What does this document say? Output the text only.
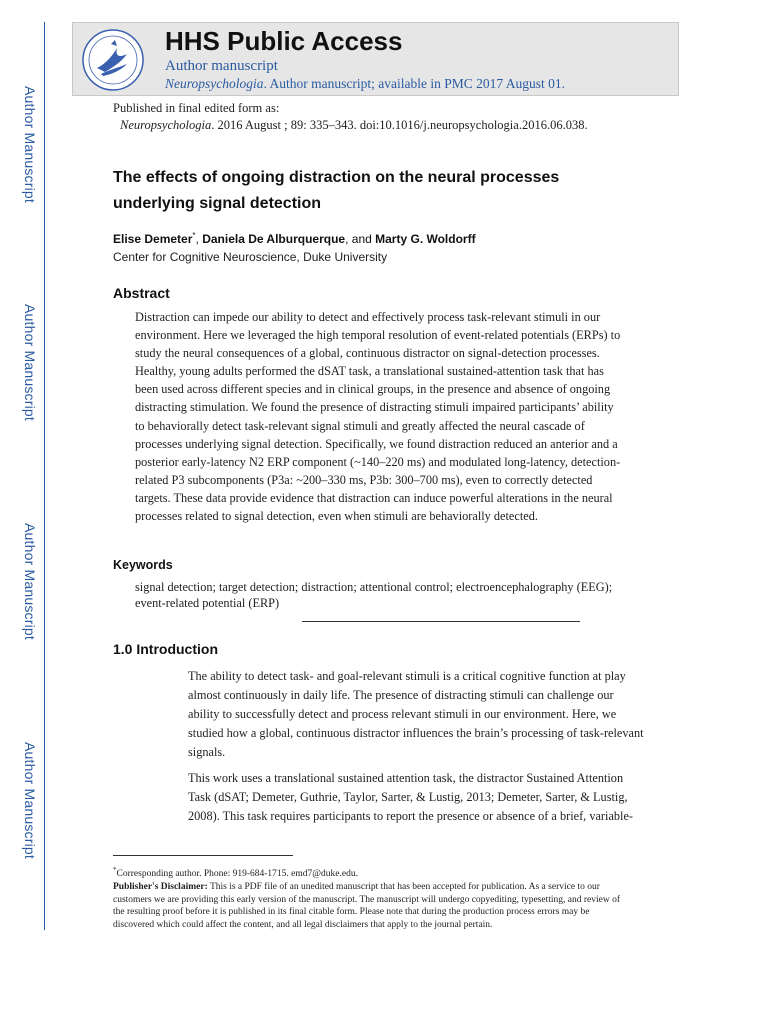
Author Manuscript
Author Manuscript
Author Manuscript
Author Manuscript
HHS Public Access
Author manuscript
Neuropsychologia. Author manuscript; available in PMC 2017 August 01.
Published in final edited form as:
Neuropsychologia. 2016 August ; 89: 335–343. doi:10.1016/j.neuropsychologia.2016.06.038.
The effects of ongoing distraction on the neural processes
underlying signal detection
Elise Demeter*, Daniela De Alburquerque, and Marty G. Woldorff
Center for Cognitive Neuroscience, Duke University
Abstract
Distraction can impede our ability to detect and effectively process task-relevant stimuli in our
environment. Here we leveraged the high temporal resolution of event-related potentials (ERPs) to
study the neural consequences of a global, continuous distractor on signal-detection processes.
Healthy, young adults performed the dSAT task, a translational sustained-attention task that has
been used across different species and in clinical groups, in the presence and absence of ongoing
distracting stimulation. We found the presence of distracting stimuli impaired participants’ ability
to behaviorally detect task-relevant signal stimuli and greatly affected the neural cascade of
processes underlying signal detection. Specifically, we found distraction reduced an anterior and a
posterior early-latency N2 ERP component (~140–220 ms) and modulated long-latency, detection-
related P3 subcomponents (P3a: ~200–330 ms, P3b: 300–700 ms), even to correctly detected
targets. These data provide evidence that distraction can induce powerful alterations in the neural
processes related to signal detection, even when stimuli are behaviorally detected.
Keywords
signal detection; target detection; distraction; attentional control; electroencephalography (EEG);
event-related potential (ERP)
1.0 Introduction
The ability to detect task- and goal-relevant stimuli is a critical cognitive function at play
almost continuously in daily life. The presence of distracting stimuli can challenge our
ability to successfully detect and process relevant stimuli in our environment. Here, we
studied how a global, continuous distractor influences the brain’s processing of task-relevant
signals.
This work uses a translational sustained attention task, the distractor Sustained Attention
Task (dSAT; Demeter, Guthrie, Taylor, Sarter, & Lustig, 2013; Demeter, Sarter, & Lustig,
2008). This task requires participants to report the presence or absence of a brief, variable-
*Corresponding author. Phone: 919-684-1715. emd7@duke.edu.
Publisher's Disclaimer: This is a PDF file of an unedited manuscript that has been accepted for publication. As a service to our
customers we are providing this early version of the manuscript. The manuscript will undergo copyediting, typesetting, and review of
the resulting proof before it is published in its final citable form. Please note that during the production process errors may be
discovered which could affect the content, and all legal disclaimers that apply to the journal pertain.
